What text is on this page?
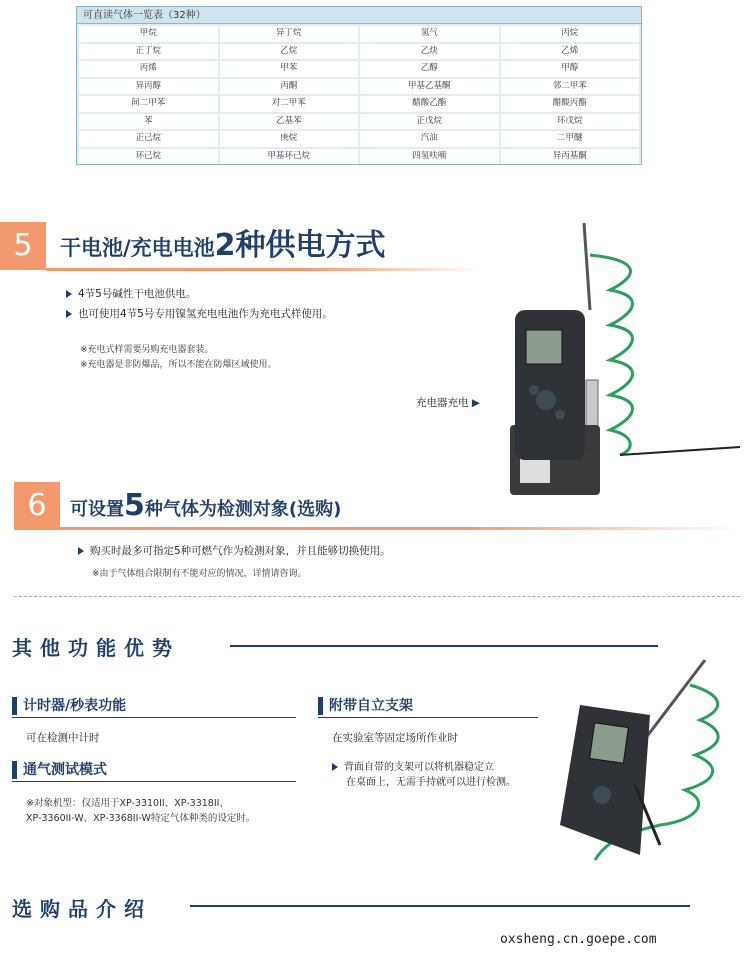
可直读气体一览表（32种）
甲烷	异丁烷	氢气	丙烷
正丁烷	乙烷	乙炔	乙烯
丙烯	甲苯	乙醇	甲醇
异丙醇	丙酮	甲基乙基酮	邻二甲苯
间二甲苯	对二甲苯	醋酸乙酯	醋酸丙酯
苯	乙基苯	正戊烷	环戊烷
正己烷	庚烷	汽油	二甲醚
环己烷	甲基环己烷	四氢呋喃	异丙基酮
5	干电池/充电电池2种供电方式
4节5号碱性干电池供电。
也可使用4节5号专用镍氢充电电池作为充电式样使用。
※充电式样需要另购充电器套装。
※充电器是非防爆品，所以不能在防爆区域使用。
充电器充电 ▶
6	可设置5种气体为检测对象(选购)
购买时最多可指定5种可燃气作为检测对象，并且能够切换使用。
※由于气体组合限制有不能对应的情况，详情请咨询。
其他功能优势
计时器/秒表功能
可在检测中计时
通气测试模式
※对象机型：仅适用于XP-3310II、XP-3318II、
XP-3360II-W、XP-3368II-W特定气体种类的设定时。
附带自立支架
在实验室等固定场所作业时
背面自带的支架可以将机器稳定立
在桌面上，无需手持就可以进行检测。
选购品介绍
oxsheng.cn.goepe.com
